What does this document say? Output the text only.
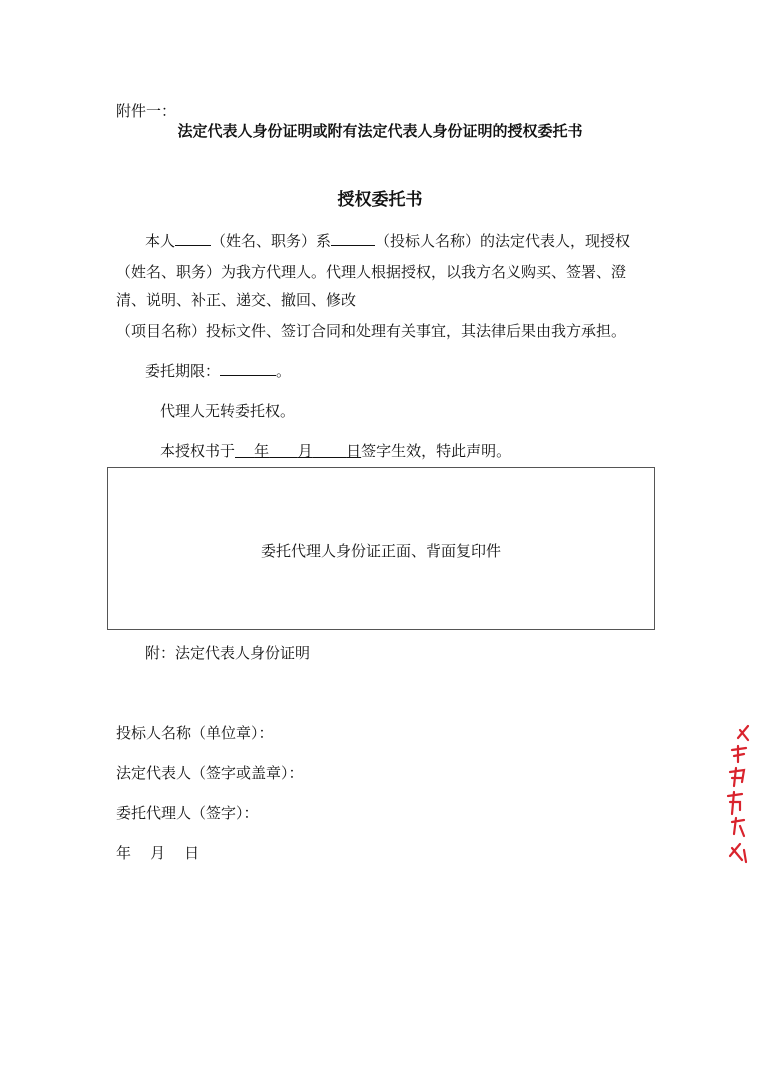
附件一：
法定代表人身份证明或附有法定代表人身份证明的授权委托书
授权委托书
本人 （姓名、职务）系	（投标人名称）的法定代表人，现授权
（姓名、职务）为我方代理人。代理人根据授权，以我方名义购买、签署、澄
清、说明、补正、递交、撤回、修改
（项目名称）投标文件、签订合同和处理有关事宜，其法律后果由我方承担。
委托期限：	。
代理人无转委托权。
本授权书于 年 月 日签字生效，特此声明。
委托代理人身份证正面、背面复印件
附：法定代表人身份证明
投标人名称（单位章）：
法定代表人（签字或盖章）：
委托代理人（签字）：
年    月    日
